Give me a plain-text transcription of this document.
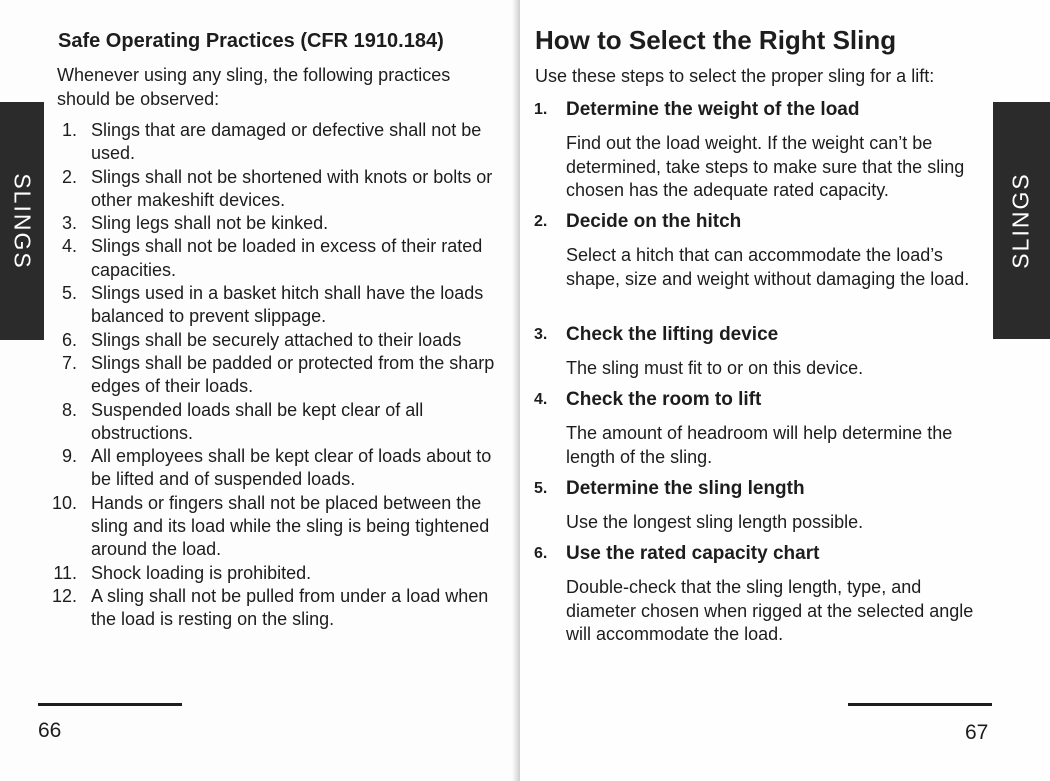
SLINGS
Safe Operating Practices (CFR 1910.184)
Whenever using any sling, the following practices should be observed:
1. Slings that are damaged or defective shall not be used.
2. Slings shall not be shortened with knots or bolts or other makeshift devices.
3. Sling legs shall not be kinked.
4. Slings shall not be loaded in excess of their rated capacities.
5. Slings used in a basket hitch shall have the loads balanced to prevent slippage.
6. Slings shall be securely attached to their loads
7. Slings shall be padded or protected from the sharp edges of their loads.
8. Suspended loads shall be kept clear of all obstructions.
9. All employees shall be kept clear of loads about to be lifted and of suspended loads.
10. Hands or fingers shall not be placed between the sling and its load while the sling is being tightened around the load.
11. Shock loading is prohibited.
12. A sling shall not be pulled from under a load when the load is resting on the sling.
66
SLINGS
How to Select the Right Sling
Use these steps to select the proper sling for a lift:
1. Determine the weight of the load
Find out the load weight. If the weight can’t be determined, take steps to make sure that the sling chosen has the adequate rated capacity.
2. Decide on the hitch
Select a hitch that can accommodate the load’s shape, size and weight without damaging the load.
3. Check the lifting device
The sling must fit to or on this device.
4. Check the room to lift
The amount of headroom will help determine the length of the sling.
5. Determine the sling length
Use the longest sling length possible.
6. Use the rated capacity chart
Double-check that the sling length, type, and diameter chosen when rigged at the selected angle will accommodate the load.
67
